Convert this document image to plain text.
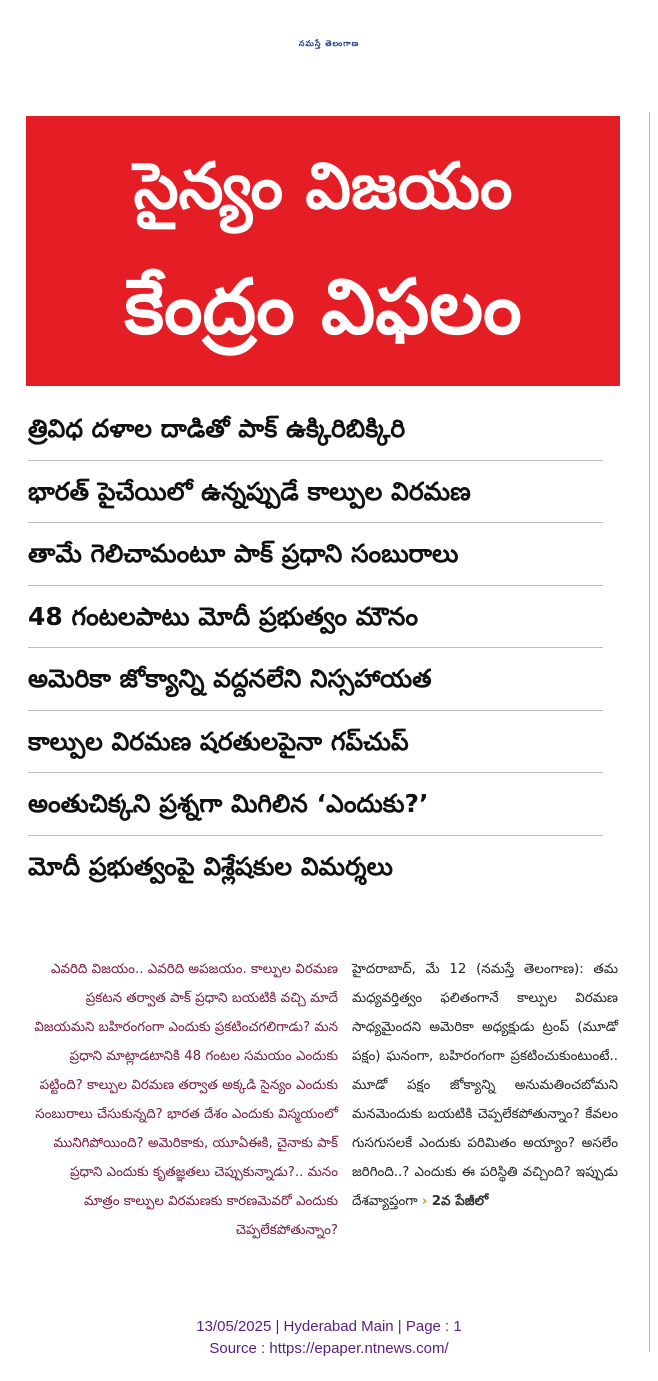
నమస్తే తెలంగాణ
సైన్యం విజయం
కేంద్రం విఫలం
త్రివిధ దళాల దాడితో పాక్ ఉక్కిరిబిక్కిరి
భారత్ పైచేయిలో ఉన్నప్పుడే కాల్పుల విరమణ
తామే గెలిచామంటూ పాక్ ప్రధాని సంబురాలు
48 గంటలపాటు మోదీ ప్రభుత్వం మౌనం
అమెరికా జోక్యాన్ని వద్దనలేని నిస్సహాయత
కాల్పుల విరమణ షరతులపైనా గప్‌చుప్
అంతుచిక్కని ప్రశ్నగా మిగిలిన ‘ఎందుకు?’
మోదీ ప్రభుత్వంపై విశ్లేషకుల విమర్శలు
ఎవరిది విజయం.. ఎవరిది అపజయం. కాల్పుల విరమణ ప్రకటన తర్వాత పాక్ ప్రధాని బయటికి వచ్చి మాదే విజయమని బహిరంగంగా ఎందుకు ప్రకటించగలిగాడు? మన ప్రధాని మాట్లాడటానికి 48 గంటల సమయం ఎందుకు పట్టింది? కాల్పుల విరమణ తర్వాత అక్కడి సైన్యం ఎందుకు సంబురాలు చేసుకున్నది? భారత దేశం ఎందుకు విస్మయంలో మునిగిపోయింది? అమెరికాకు, యూఏఈకి, చైనాకు పాక్ ప్రధాని ఎందుకు కృతజ్ఞతలు చెప్పుకున్నాడు?.. మనం మాత్రం కాల్పుల విరమణకు కారణమెవరో ఎందుకు చెప్పలేకపోతున్నాం?
హైదరాబాద్, మే 12 (నమస్తే తెలంగాణ): తమ మధ్యవర్తిత్వం ఫలితంగానే కాల్పుల విరమణ సాధ్యమైందని అమెరికా అధ్యక్షుడు ట్రంప్ (మూడో పక్షం) ఘనంగా, బహిరంగంగా ప్రకటించుకుంటుంటే.. మూడో పక్షం జోక్యాన్ని అనుమతించబోమని మనమెందుకు బయటికి చెప్పలేకపోతున్నాం? కేవలం గుసగుసలకే ఎందుకు పరిమితం అయ్యాం? అసలేం జరిగింది..? ఎందుకు ఈ పరిస్థితి వచ్చింది? ఇప్పుడు దేశవ్యాప్తంగా › 2వ పేజీలో
13/05/2025 | Hyderabad Main | Page : 1
Source : https://epaper.ntnews.com/
